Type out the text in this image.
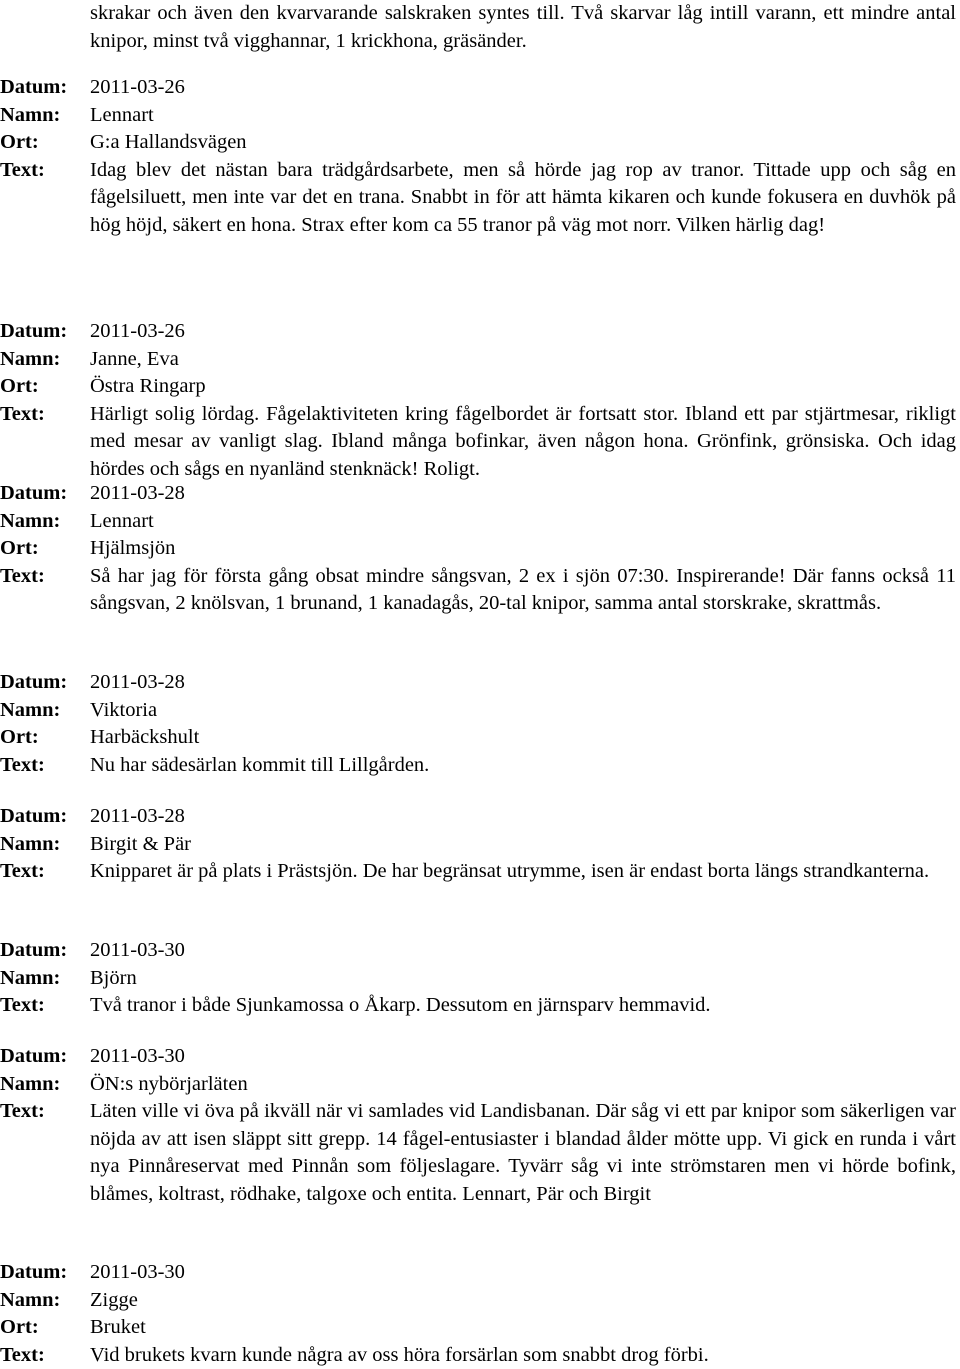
skrakar och även den kvarvarande salskraken syntes till. Två skarvar låg intill varann, ett mindre antal knipor, minst två vigghannar, 1 krickhona, gräsänder.
Datum:	2011-03-26
Namn:	Lennart
Ort:	G:a Hallandsvägen
Text:	Idag blev det nästan bara trädgårdsarbete, men så hörde jag rop av tranor. Tittade upp och såg en fågelsiluett, men inte var det en trana. Snabbt in för att hämta kikaren och kunde fokusera en duvhök på hög höjd, säkert en hona. Strax efter kom ca 55 tranor på väg mot norr. Vilken härlig dag!
Datum:	2011-03-26
Namn:	Janne, Eva
Ort:	Östra Ringarp
Text:	Härligt solig lördag. Fågelaktiviteten kring fågelbordet är fortsatt stor. Ibland ett par stjärtmesar, rikligt med mesar av vanligt slag. Ibland många bofinkar, även någon hona. Grönfink, grönsiska. Och idag hördes och sågs en nyanländ stenknäck! Roligt.
Datum:	2011-03-28
Namn:	Lennart
Ort:	Hjälmsjön
Text:	Så har jag för första gång obsat mindre sångsvan, 2 ex i sjön 07:30. Inspirerande! Där fanns också 11 sångsvan, 2 knölsvan, 1 brunand, 1 kanadagås, 20-tal knipor, samma antal storskrake, skrattmås.
Datum:	2011-03-28
Namn:	Viktoria
Ort:	Harbäckshult
Text:	Nu har sädesärlan kommit till Lillgården.
Datum:	2011-03-28
Namn:	Birgit & Pär
Text:	Knipparet är på plats i Prästsjön. De har begränsat utrymme, isen är endast borta längs strandkanterna.
Datum:	2011-03-30
Namn:	Björn
Text:	Två tranor i både Sjunkamossa o Åkarp. Dessutom en järnsparv hemmavid.
Datum:	2011-03-30
Namn:	ÖN:s nybörjarläten
Text:	Läten ville vi öva på ikväll när vi samlades vid Landisbanan. Där såg vi ett par knipor som säkerligen var nöjda av att isen släppt sitt grepp. 14 fågel-entusiaster i blandad ålder mötte upp. Vi gick en runda i vårt nya Pinnåreservat med Pinnån som följeslagare. Tyvärr såg vi inte strömstaren men vi hörde bofink, blåmes, koltrast, rödhake, talgoxe och entita. Lennart, Pär och Birgit
Datum:	2011-03-30
Namn:	Zigge
Ort:	Bruket
Text:	Vid brukets kvarn kunde några av oss höra forsärlan som snabbt drog förbi.
